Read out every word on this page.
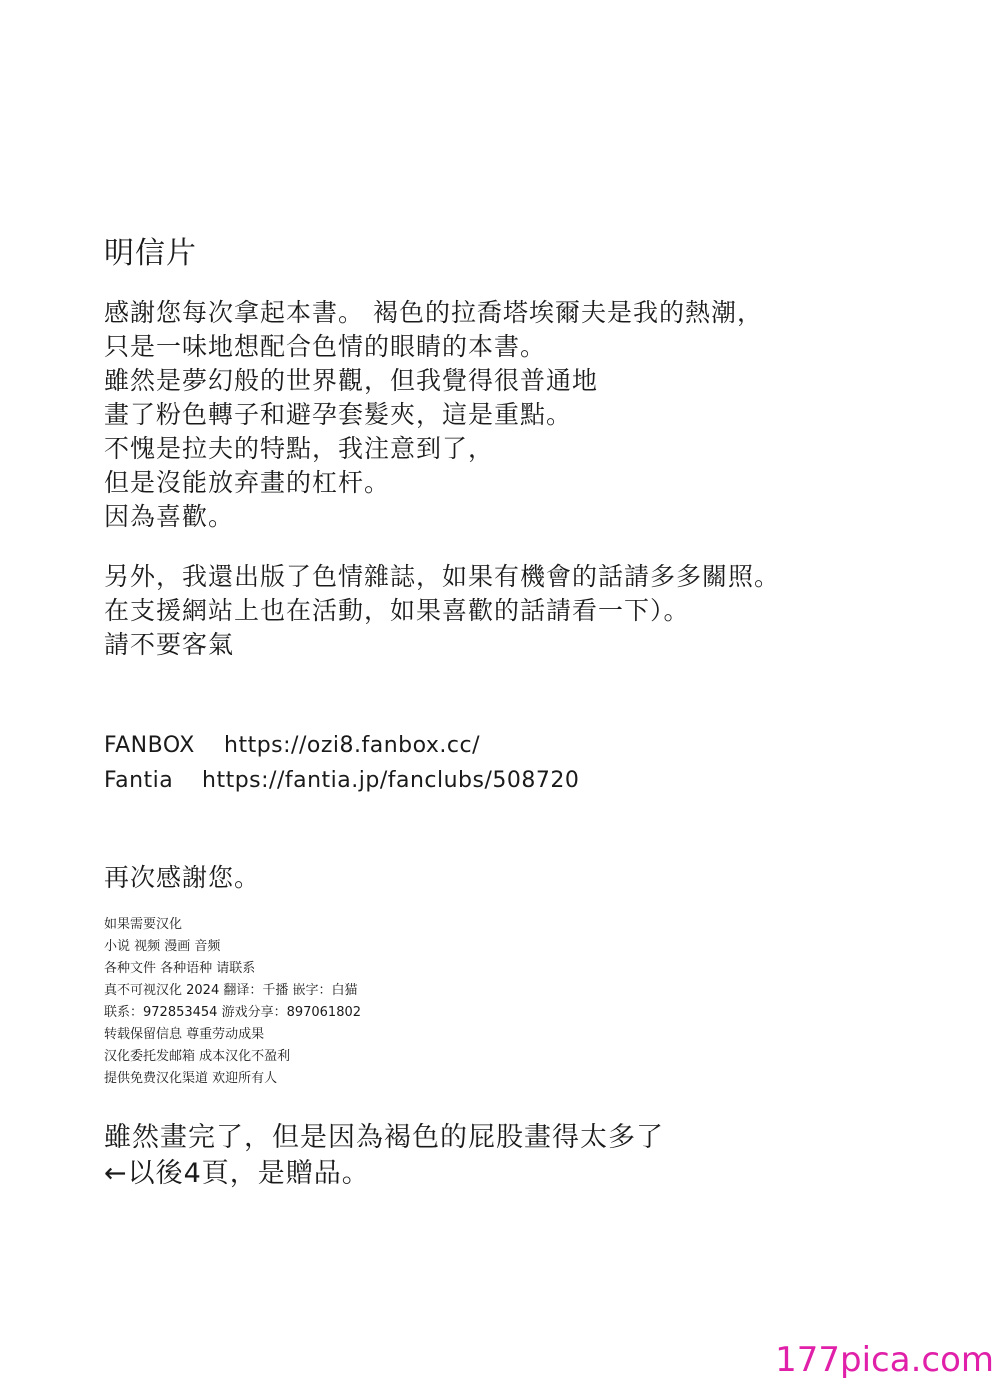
明信片
感謝您每次拿起本書。 褐色的拉喬塔埃爾夫是我的熱潮，
只是一味地想配合色情的眼睛的本書。
雖然是夢幻般的世界觀，但我覺得很普通地
畫了粉色轉子和避孕套髮夾，這是重點。
不愧是拉夫的特點，我注意到了，
但是沒能放弃畫的杠杆。
因為喜歡。
另外，我還出版了色情雜誌，如果有機會的話請多多關照。
在支援網站上也在活動，如果喜歡的話請看一下）。
請不要客氣
FANBOX https://ozi8.fanbox.cc/
Fantia https://fantia.jp/fanclubs/508720
再次感謝您。
如果需要汉化
小说 视频 漫画 音频
各种文件 各种语种 请联系
真不可视汉化 2024 翻译：千播 嵌字：白猫
联系：972853454 游戏分享：897061802
转载保留信息 尊重劳动成果
汉化委托发邮箱 成本汉化不盈利
提供免费汉化渠道 欢迎所有人
雖然畫完了，但是因為褐色的屁股畫得太多了
←以後4頁，是贈品。
177pica.com
